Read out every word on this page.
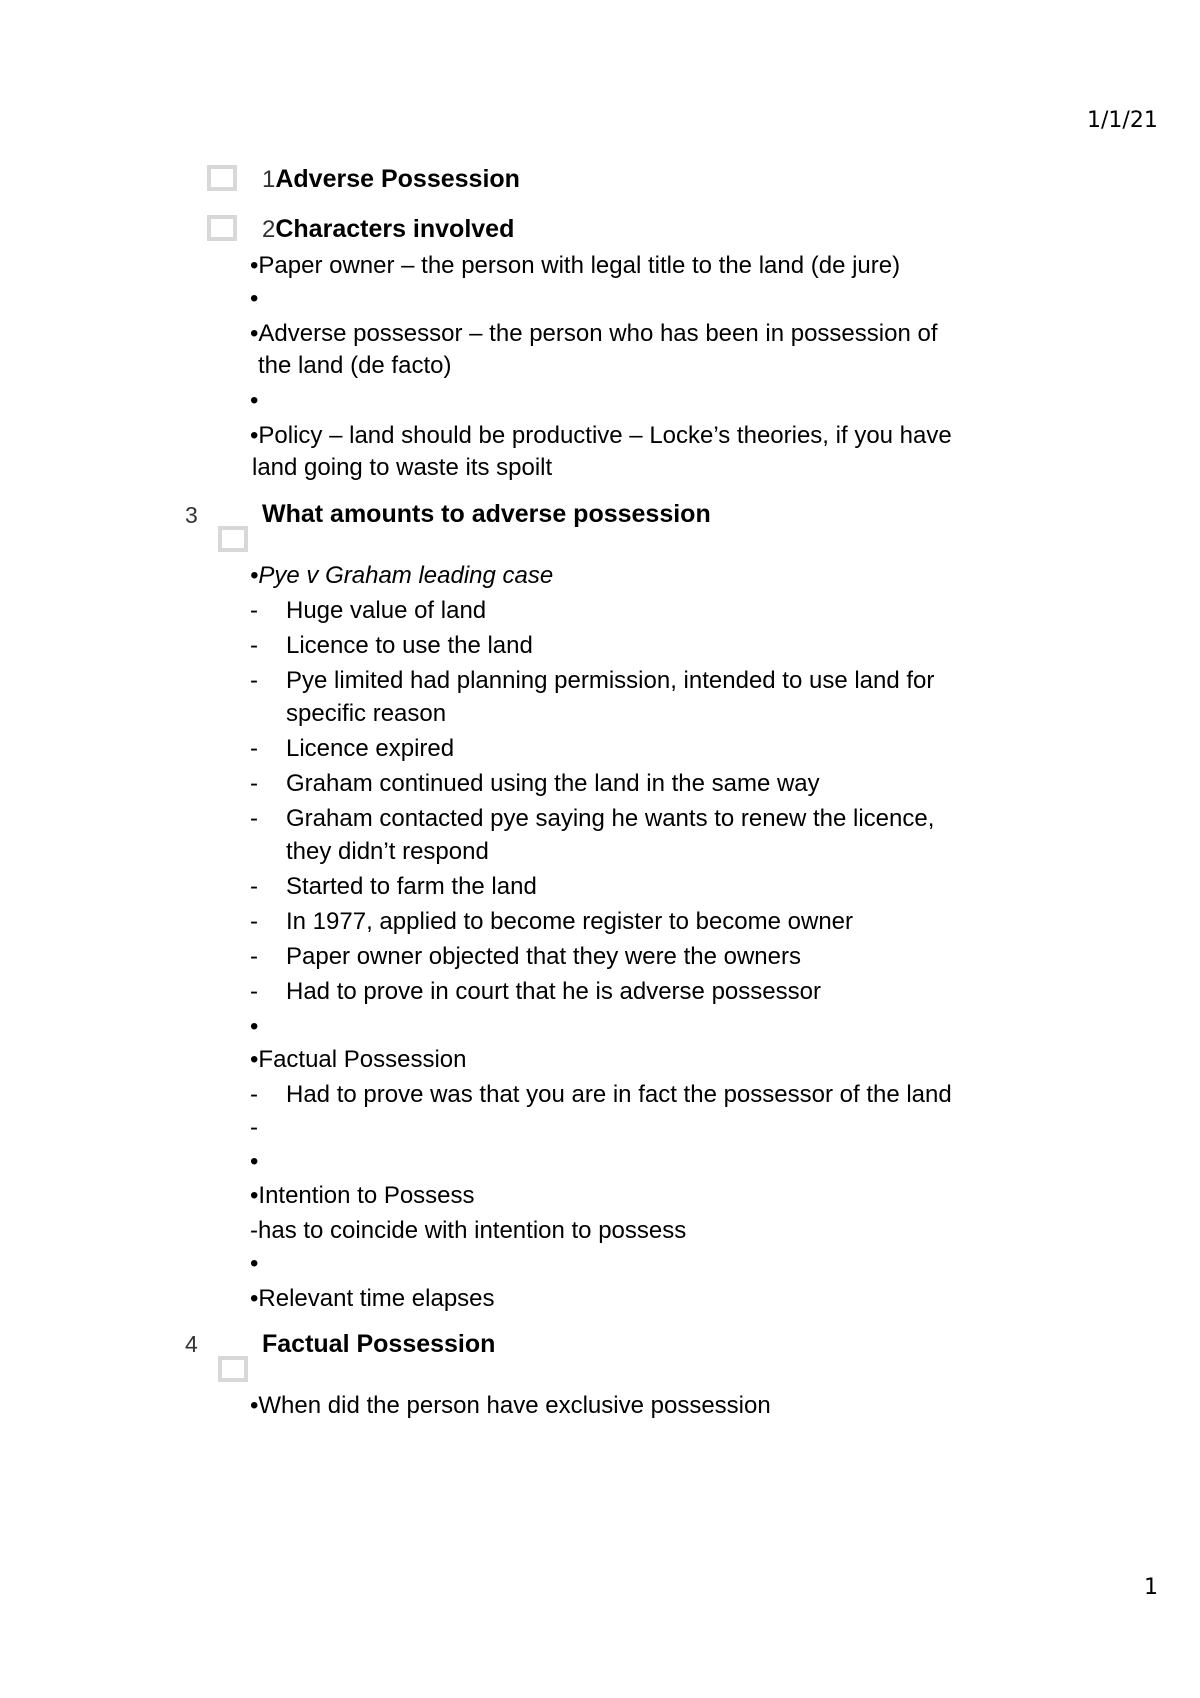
1/1/21
1
1Adverse Possession
2Characters involved
•Paper owner – the person with legal title to the land (de jure)
•
•Adverse possessor – the person who has been in possession of
the land (de facto)
•
•Policy – land should be productive – Locke’s theories, if you have
land going to waste its spoilt
3	What amounts to adverse possession
•Pye v Graham leading case
- Huge value of land
- Licence to use the land
- Pye limited had planning permission, intended to use land for
specific reason
- Licence expired
- Graham continued using the land in the same way
- Graham contacted pye saying he wants to renew the licence,
they didn’t respond
- Started to farm the land
- In 1977, applied to become register to become owner
- Paper owner objected that they were the owners
- Had to prove in court that he is adverse possessor
•
•Factual Possession
- Had to prove was that you are in fact the possessor of the land
-
•
•Intention to Possess
-has to coincide with intention to possess
•
•Relevant time elapses
4	Factual Possession
•When did the person have exclusive possession
